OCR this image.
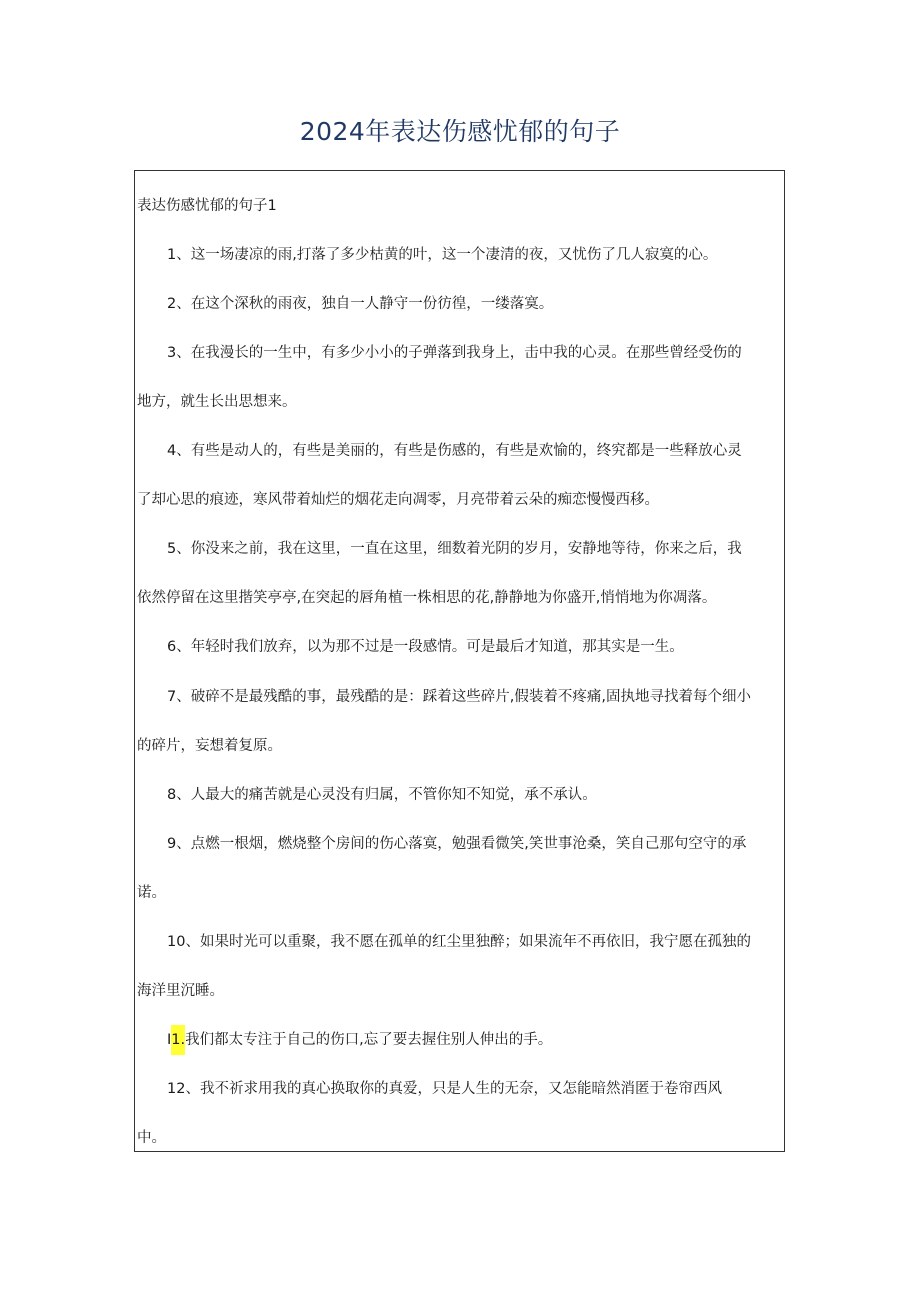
2024年表达伤感忧郁的句子
表达伤感忧郁的句子1
1、这一场凄凉的雨,打落了多少枯黄的叶，这一个凄清的夜，又忧伤了几人寂寞的心。
2、在这个深秋的雨夜，独自一人静守一份彷徨，一缕落寞。
3、在我漫长的一生中，有多少小小的子弹落到我身上，击中我的心灵。在那些曾经受伤的
地方，就生长出思想来。
4、有些是动人的，有些是美丽的，有些是伤感的，有些是欢愉的，终究都是一些释放心灵
了却心思的痕迹，寒风带着灿烂的烟花走向凋零，月亮带着云朵的痴恋慢慢西移。
5、你没来之前，我在这里，一直在这里，细数着光阴的岁月，安静地等待，你来之后，我
依然停留在这里揩笑亭亭,在突起的唇角植一株相思的花,静静地为你盛开,悄悄地为你凋落。
6、年轻时我们放弃，以为那不过是一段感情。可是最后才知道，那其实是一生。
7、破碎不是最残酷的事，最残酷的是：踩着这些碎片,假装着不疼痛,固执地寻找着每个细小
的碎片，妄想着复原。
8、人最大的痛苦就是心灵没有归属，不管你知不知觉，承不承认。
9、点燃一根烟，燃烧整个房间的伤心落寞，勉强看微笑,笑世事沧桑，笑自己那句空守的承
诺。
10、如果时光可以重聚，我不愿在孤单的红尘里独醉；如果流年不再依旧，我宁愿在孤独的
海洋里沉睡。
I1.我们都太专注于自己的伤口,忘了要去握住别人伸出的手。
12、我不祈求用我的真心换取你的真爱，只是人生的无奈，又怎能暗然消匿于卷帘西风
中。
